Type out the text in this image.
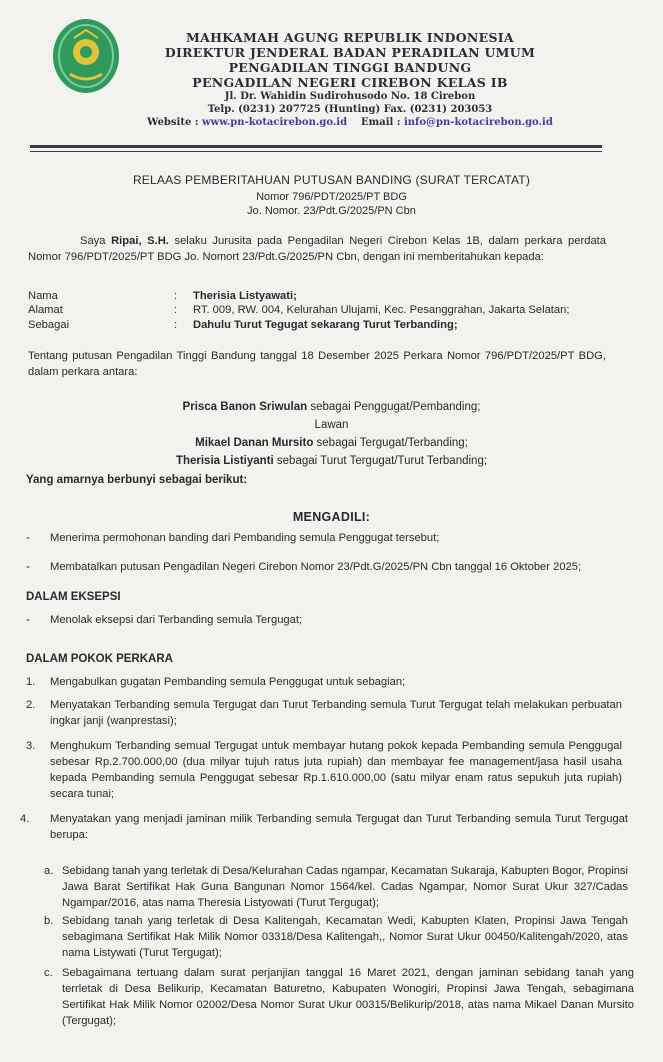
MAHKAMAH AGUNG REPUBLIK INDONESIA
DIREKTUR JENDERAL BADAN PERADILAN UMUM
PENGADILAN TINGGI BANDUNG
PENGADILAN NEGERI CIREBON KELAS IB
Jl. Dr. Wahidin Sudirohusodo No. 18 Cirebon
Telp. (0231) 207725 (Hunting) Fax. (0231) 203053
Website : www.pn-kotacirebon.go.id Email : info@pn-kotacirebon.go.id
RELAAS PEMBERITAHUAN PUTUSAN BANDING (SURAT TERCATAT)
Nomor 796/PDT/2025/PT BDG
Jo. Nomor. 23/Pdt.G/2025/PN Cbn
Saya Ripai, S.H. selaku Jurusita pada Pengadilan Negeri Cirebon Kelas 1B, dalam perkara perdata Nomor 796/PDT/2025/PT BDG Jo. Nomort 23/Pdt.G/2025/PN Cbn, dengan ini memberitahukan kepada:
Nama	: Therisia Listyawati;
Alamat	: RT. 009, RW. 004, Kelurahan Ulujami, Kec. Pesanggrahan, Jakarta Selatan;
Sebagai	: Dahulu Turut Tegugat sekarang Turut Terbanding;
Tentang putusan Pengadilan Tinggi Bandung tanggal 18 Desember 2025 Perkara Nomor 796/PDT/2025/PT BDG, dalam perkara antara:
Prisca Banon Sriwulan sebagai Penggugat/Pembanding;
Lawan
Mikael Danan Mursito sebagai Tergugat/Terbanding;
Therisia Listiyanti sebagai Turut Tergugat/Turut Terbanding;
Yang amarnya berbunyi sebagai berikut:
MENGADILI:
- Menerima permohonan banding dari Pembanding semula Penggugat tersebut;
- Membatalkan putusan Pengadilan Negeri Cirebon Nomor 23/Pdt.G/2025/PN Cbn tanggal 16 Oktober 2025;
DALAM EKSEPSI
- Menolak eksepsi dari Terbanding semula Tergugat;
DALAM POKOK PERKARA
1. Mengabulkan gugatan Pembanding semula Penggugat untuk sebagian;
2. Menyatakan Terbanding semula Tergugat dan Turut Terbanding semula Turut Tergugat telah melakukan perbuatan ingkar janji (wanprestasi);
3. Menghukum Terbanding semual Tergugat untuk membayar hutang pokok kepada Pembanding semula Penggugal sebesar Rp.2.700.000,00 (dua milyar tujuh ratus juta rupiah) dan membayar fee management/jasa hasil usaha kepada Pembanding semula Penggugat sebesar Rp.1.610.000,00 (satu milyar enam ratus sepukuh juta rupiah) secara tunai;
4. Menyatakan yang menjadi jaminan milik Terbanding semula Tergugat dan Turut Terbanding semula Turut Tergugat berupa:
a. Sebidang tanah yang terletak di Desa/Kelurahan Cadas ngampar, Kecamatan Sukaraja, Kabupten Bogor, Propinsi Jawa Barat Sertifikat Hak Guna Bangunan Nomor 1564/kel. Cadas Ngampar, Nomor Surat Ukur 327/Cadas Ngampar/2016, atas nama Theresia Listyowati (Turut Tergugat);
b. Sebidang tanah yang terletak di Desa Kalitengah, Kecamatan Wedi, Kabupten Klaten, Propinsi Jawa Tengah sebagimana Sertifikat Hak Milik Nomor 03318/Desa Kalitengah,, Nomor Surat Ukur 00450/Kalitengah/2020, atas nama Listywati (Turut Tergugat);
c. Sebagaimana tertuang dalam surat perjanjian tanggal 16 Maret 2021, dengan jaminan sebidang tanah yang terrletak di Desa Belikurip, Kecamatan Baturetno, Kabupaten Wonogiri, Propinsi Jawa Tengah, sebagimana Sertifikat Hak Milik Nomor 02002/Desa Nomor Surat Ukur 00315/Belikurip/2018, atas nama Mikael Danan Mursito (Tergugat);
